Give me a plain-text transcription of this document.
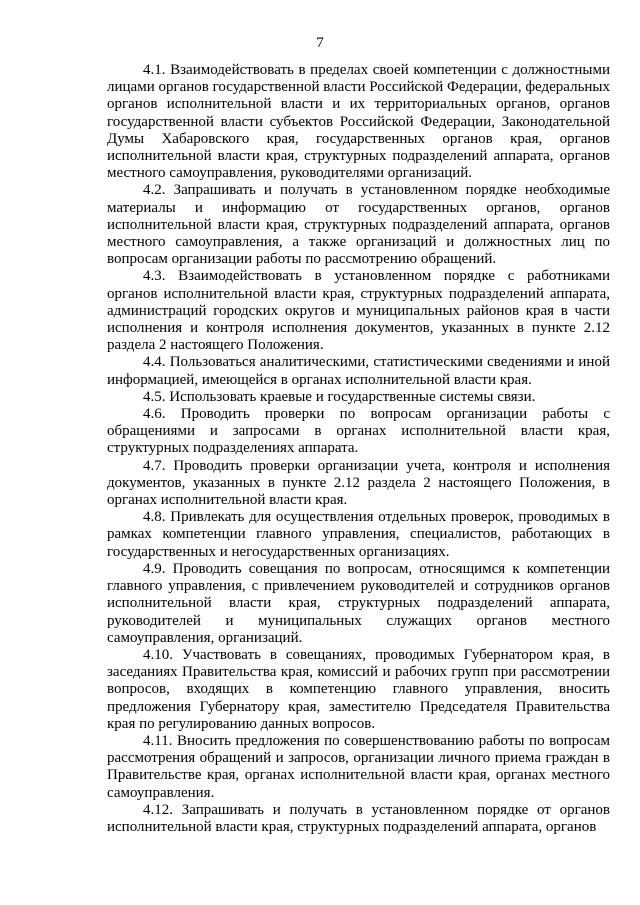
7

4.1. Взаимодействовать в пределах своей компетенции с должностными лицами органов государственной власти Российской Федерации, федеральных органов исполнительной власти и их территориальных органов, органов государственной власти субъектов Российской Федерации, Законодательной Думы Хабаровского края, государственных органов края, органов исполнительной власти края, структурных подразделений аппарата, органов местного самоуправления, руководителями организаций.

4.2. Запрашивать и получать в установленном порядке необходимые материалы и информацию от государственных органов, органов исполнительной власти края, структурных подразделений аппарата, органов местного самоуправления, а также организаций и должностных лиц по вопросам организации работы по рассмотрению обращений.

4.3. Взаимодействовать в установленном порядке с работниками органов исполнительной власти края, структурных подразделений аппарата, администраций городских округов и муниципальных районов края в части исполнения и контроля исполнения документов, указанных в пункте 2.12 раздела 2 настоящего Положения.

4.4. Пользоваться аналитическими, статистическими сведениями и иной информацией, имеющейся в органах исполнительной власти края.

4.5. Использовать краевые и государственные системы связи.

4.6. Проводить проверки по вопросам организации работы с обращениями и запросами в органах исполнительной власти края, структурных подразделениях аппарата.

4.7. Проводить проверки организации учета, контроля и исполнения документов, указанных в пункте 2.12 раздела 2 настоящего Положения, в органах исполнительной власти края.

4.8. Привлекать для осуществления отдельных проверок, проводимых в рамках компетенции главного управления, специалистов, работающих в государственных и негосударственных организациях.

4.9. Проводить совещания по вопросам, относящимся к компетенции главного управления, с привлечением руководителей и сотрудников органов исполнительной власти края, структурных подразделений аппарата, руководителей и муниципальных служащих органов местного самоуправления, организаций.

4.10. Участвовать в совещаниях, проводимых Губернатором края, в заседаниях Правительства края, комиссий и рабочих групп при рассмотрении вопросов, входящих в компетенцию главного управления, вносить предложения Губернатору края, заместителю Председателя Правительства края по регулированию данных вопросов.

4.11. Вносить предложения по совершенствованию работы по вопросам рассмотрения обращений и запросов, организации личного приема граждан в Правительстве края, органах исполнительной власти края, органах местного самоуправления.

4.12. Запрашивать и получать в установленном порядке от органов исполнительной власти края, структурных подразделений аппарата, органов
